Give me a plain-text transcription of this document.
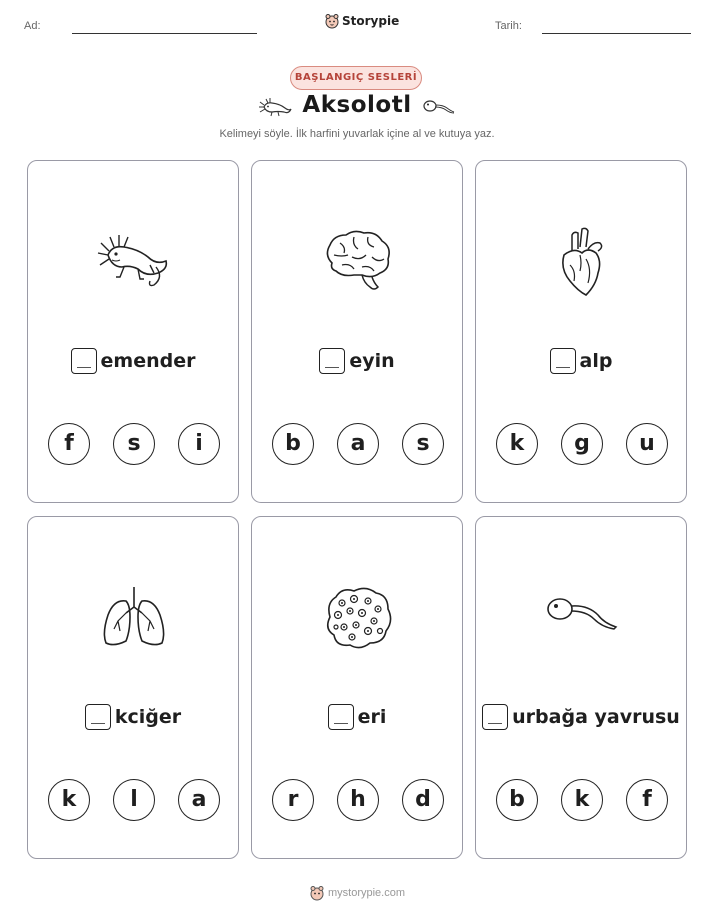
Ad:	Storypie	Tarih:
BAŞLANGIÇ SESLERİ
Aksolotl
Kelimeyi söyle. İlk harfini yuvarlak içine al ve kutuya yaz.
emender
f	s	i
eyin
b	a	s
alp
k	g	u
kciğer
k	l	a
eri
r	h	d
urbağa yavrusu
b	k	f
mystorypie.com
